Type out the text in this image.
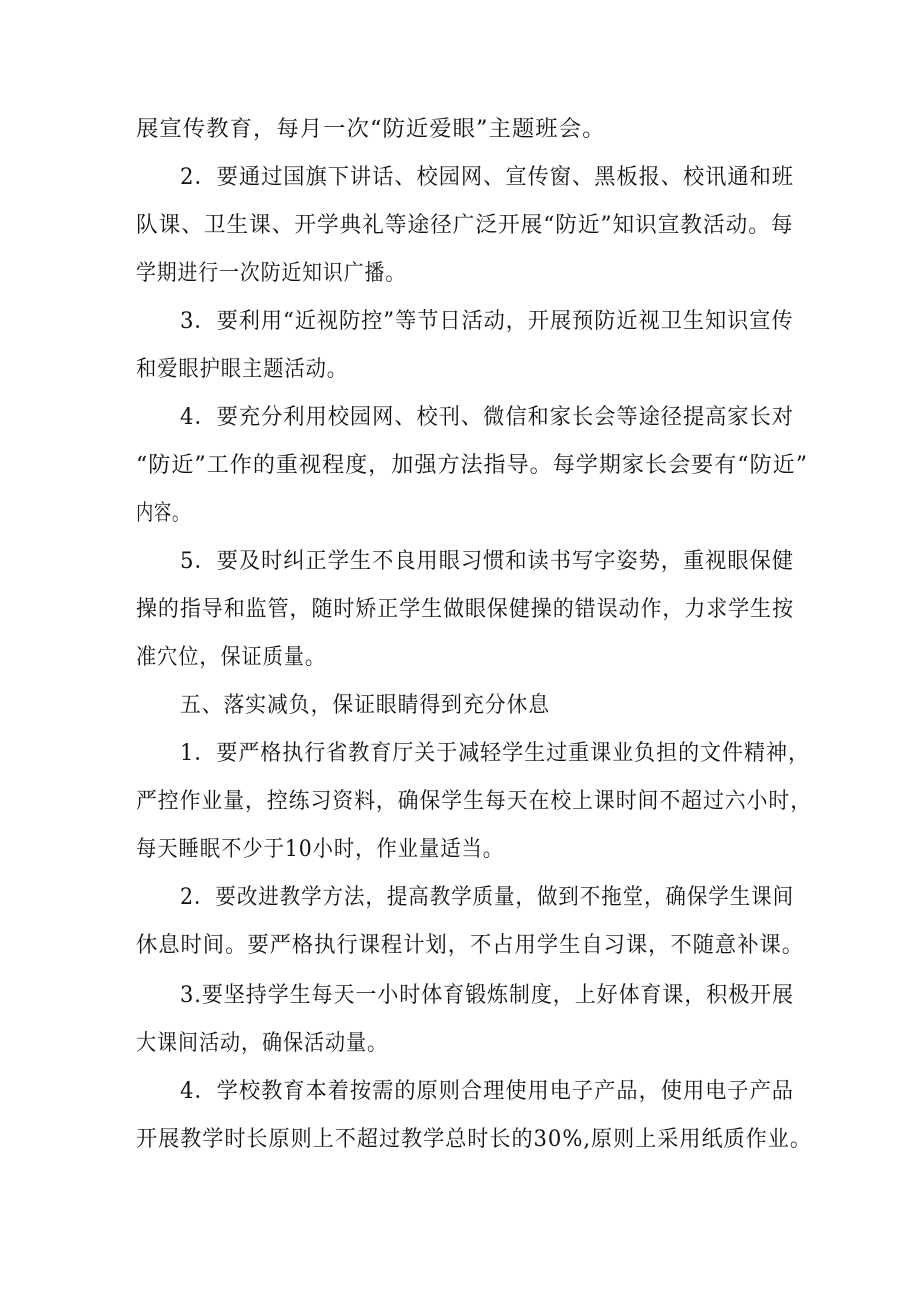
展宣传教育，每月一次“防近爱眼”主题班会。
2．要通过国旗下讲话、校园网、宣传窗、黑板报、校讯通和班
队课、卫生课、开学典礼等途径广泛开展“防近”知识宣教活动。每
学期进行一次防近知识广播。
3．要利用“近视防控”等节日活动，开展预防近视卫生知识宣传
和爱眼护眼主题活动。
4．要充分利用校园网、校刊、微信和家长会等途径提高家长对
“防近”工作的重视程度，加强方法指导。每学期家长会要有“防近”
内容。
5．要及时纠正学生不良用眼习惯和读书写字姿势，重视眼保健
操的指导和监管，随时矫正学生做眼保健操的错误动作，力求学生按
准穴位，保证质量。
五、落实减负，保证眼睛得到充分休息
1．要严格执行省教育厅关于减轻学生过重课业负担的文件精神，
严控作业量，控练习资料，确保学生每天在校上课时间不超过六小时，
每天睡眠不少于10小时，作业量适当。
2．要改进教学方法，提高教学质量，做到不拖堂，确保学生课间
休息时间。要严格执行课程计划，不占用学生自习课，不随意补课。
3.要坚持学生每天一小时体育锻炼制度，上好体育课，积极开展
大课间活动，确保活动量。
4．学校教育本着按需的原则合理使用电子产品，使用电子产品
开展教学时长原则上不超过教学总时长的30%,原则上采用纸质作业。
